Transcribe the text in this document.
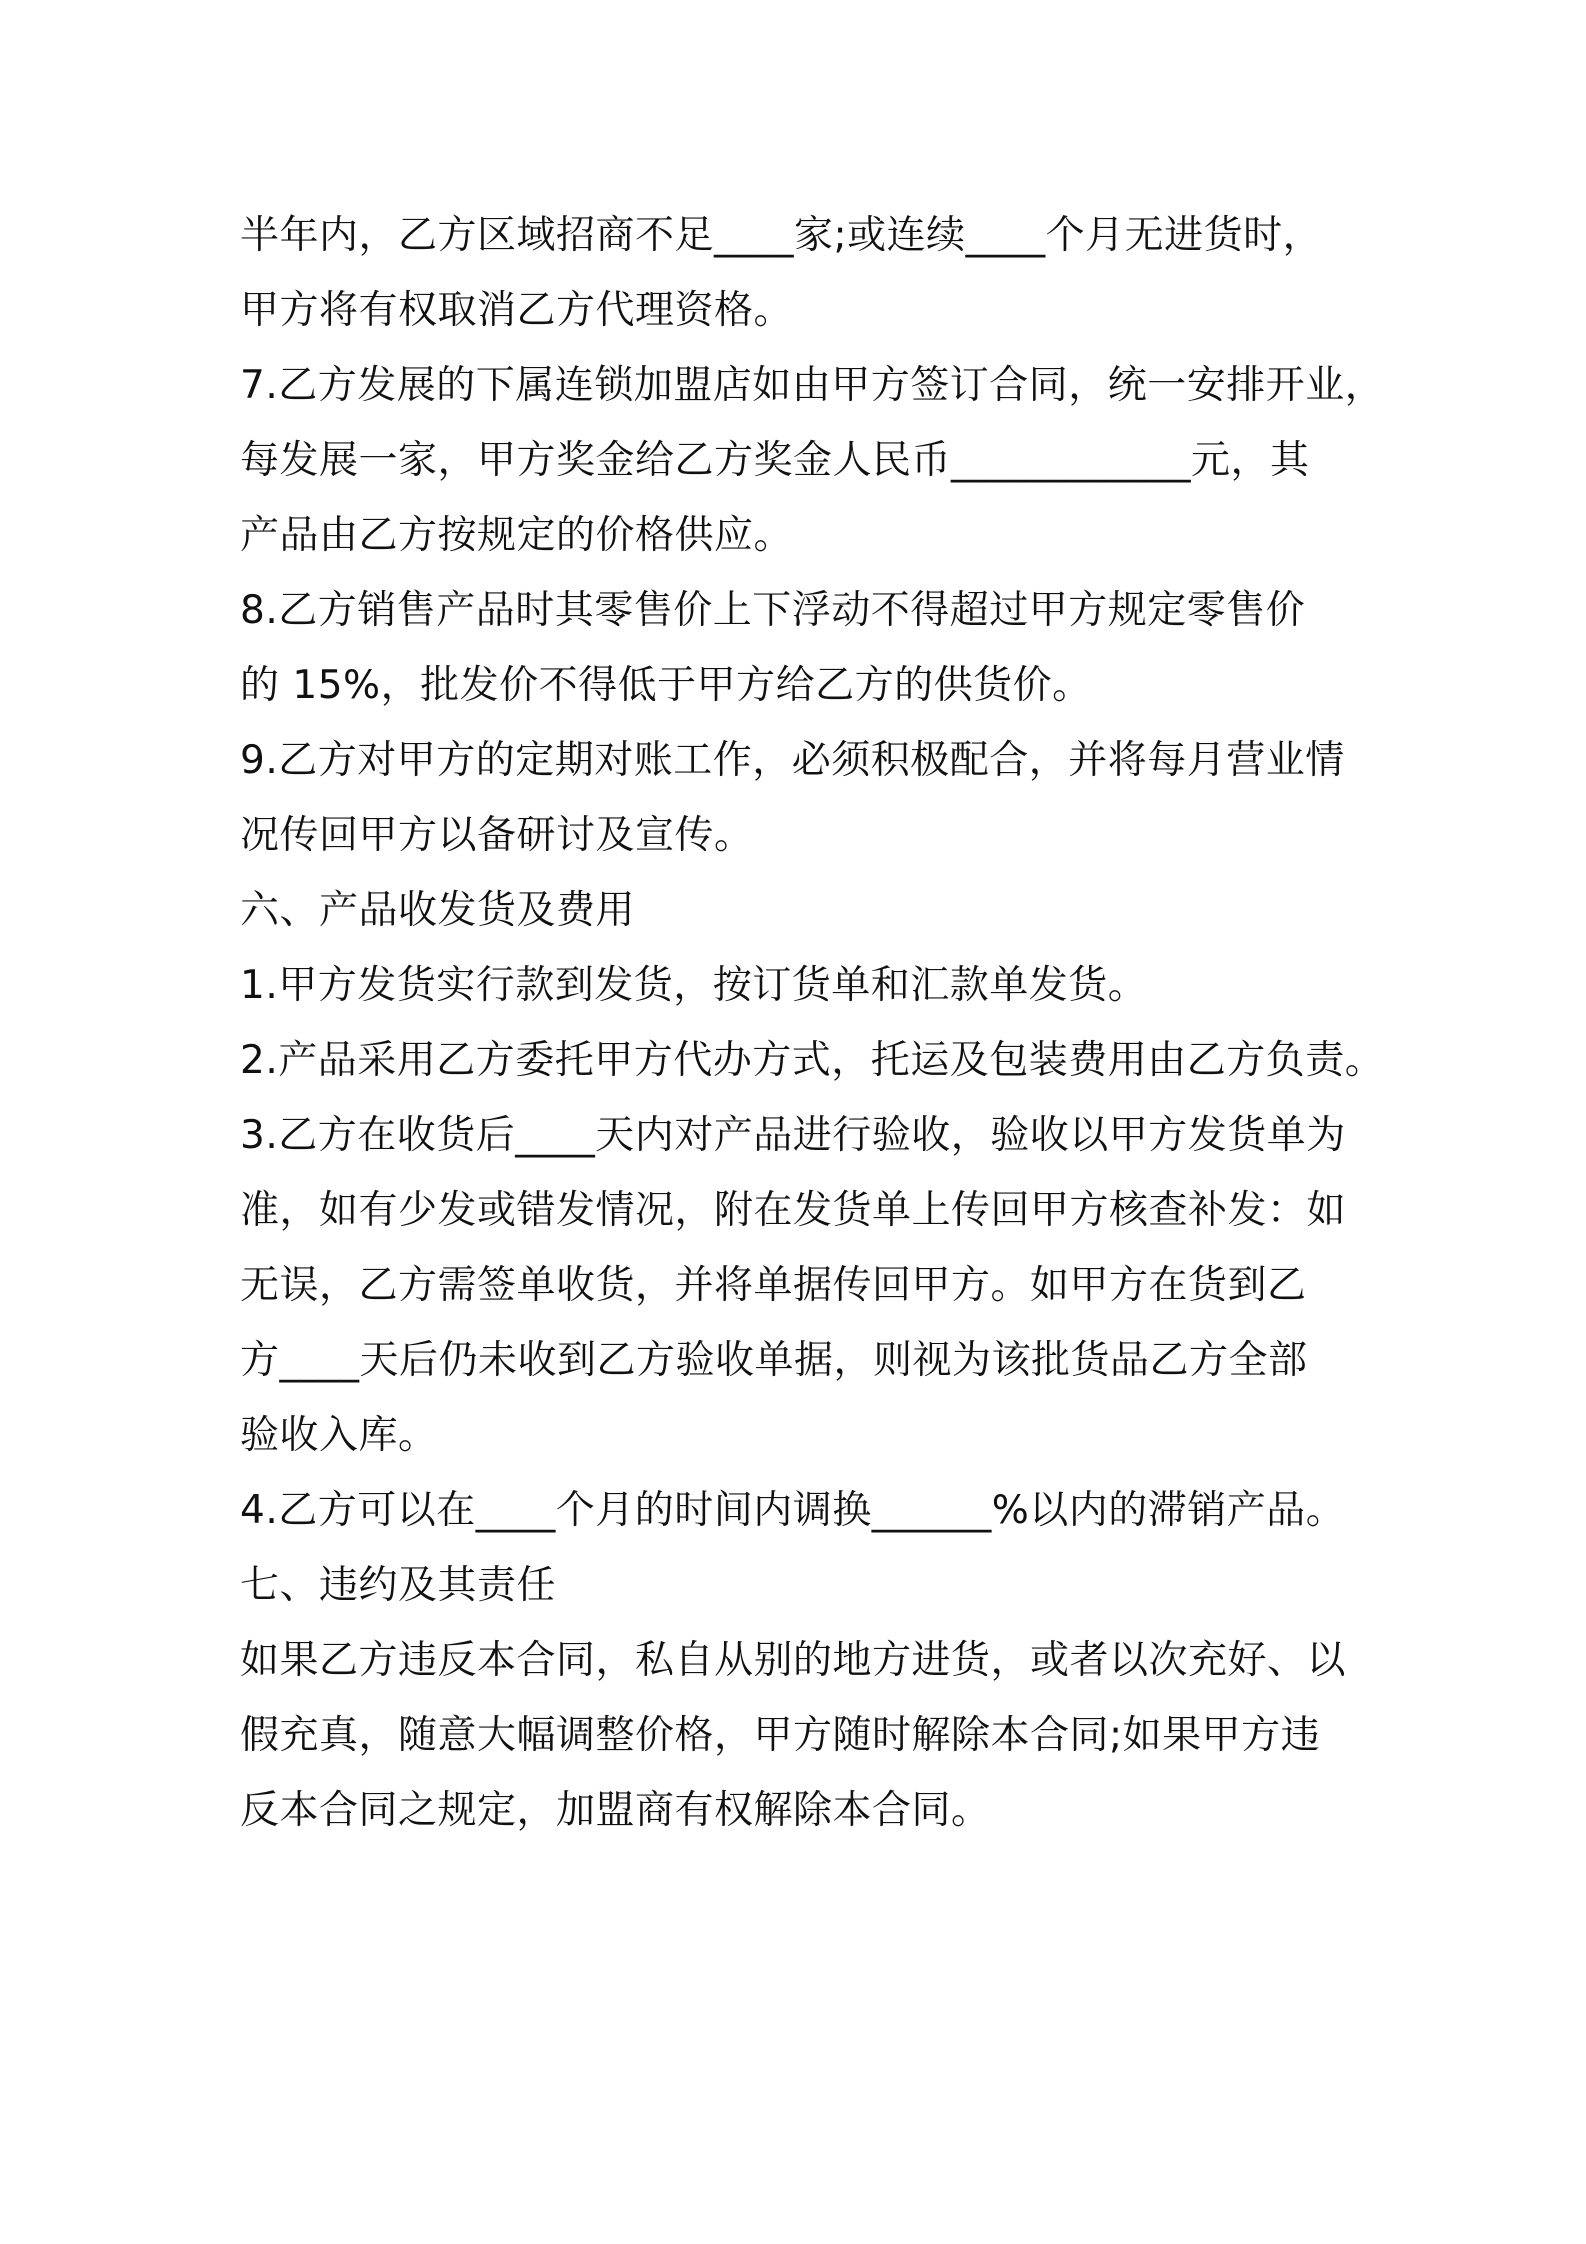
半年内，乙方区域招商不足____家;或连续____个月无进货时，
甲方将有权取消乙方代理资格。
7.乙方发展的下属连锁加盟店如由甲方签订合同，统一安排开业，
每发展一家，甲方奖金给乙方奖金人民币____________元，其
产品由乙方按规定的价格供应。
8.乙方销售产品时其零售价上下浮动不得超过甲方规定零售价
的 15%，批发价不得低于甲方给乙方的供货价。
9.乙方对甲方的定期对账工作，必须积极配合，并将每月营业情
况传回甲方以备研讨及宣传。
六、产品收发货及费用
1.甲方发货实行款到发货，按订货单和汇款单发货。
2.产品采用乙方委托甲方代办方式，托运及包装费用由乙方负责。
3.乙方在收货后____天内对产品进行验收，验收以甲方发货单为
准，如有少发或错发情况，附在发货单上传回甲方核查补发：如
无误，乙方需签单收货，并将单据传回甲方。如甲方在货到乙
方____天后仍未收到乙方验收单据，则视为该批货品乙方全部
验收入库。
4.乙方可以在____个月的时间内调换______%以内的滞销产品。
七、违约及其责任
如果乙方违反本合同，私自从别的地方进货，或者以次充好、以
假充真，随意大幅调整价格，甲方随时解除本合同;如果甲方违
反本合同之规定，加盟商有权解除本合同。
